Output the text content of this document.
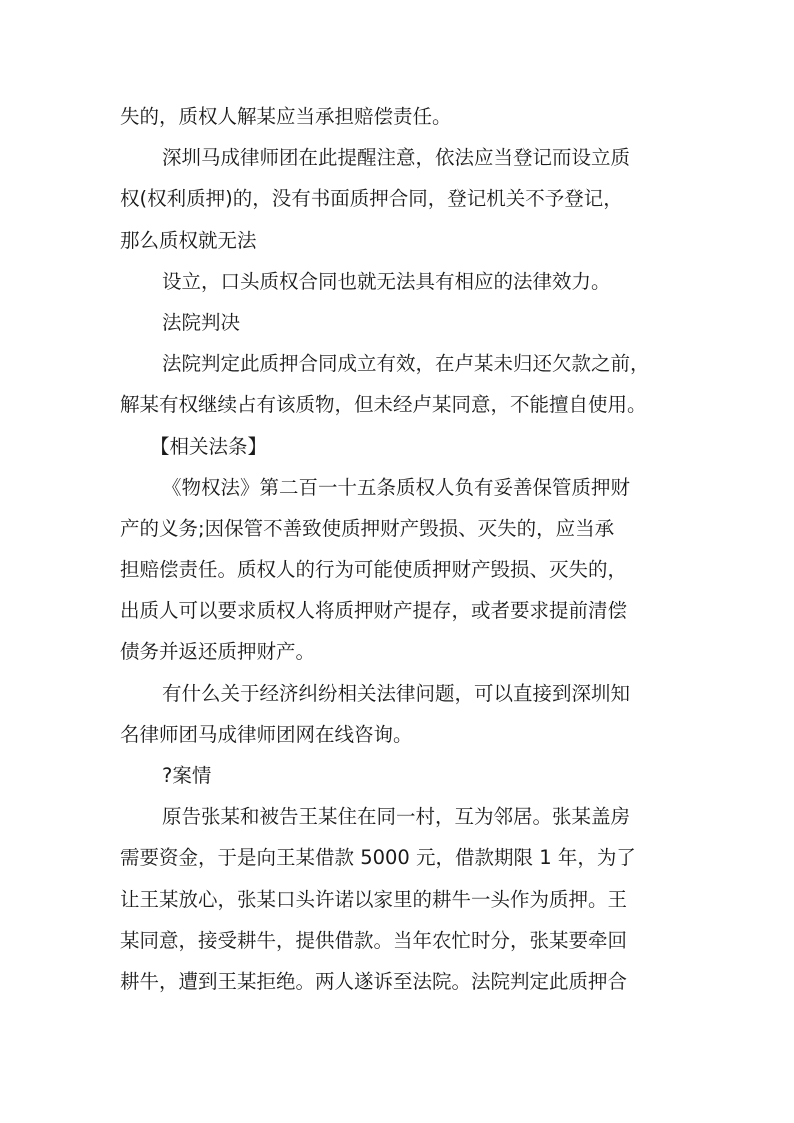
失的，质权人解某应当承担赔偿责任。
深圳马成律师团在此提醒注意，依法应当登记而设立质
权(权利质押)的，没有书面质押合同，登记机关不予登记，
那么质权就无法
设立，口头质权合同也就无法具有相应的法律效力。
法院判决
法院判定此质押合同成立有效，在卢某未归还欠款之前，
解某有权继续占有该质物，但未经卢某同意，不能擅自使用。
【相关法条】
《物权法》第二百一十五条质权人负有妥善保管质押财
产的义务;因保管不善致使质押财产毁损、灭失的，应当承
担赔偿责任。质权人的行为可能使质押财产毁损、灭失的，
出质人可以要求质权人将质押财产提存，或者要求提前清偿
债务并返还质押财产。
有什么关于经济纠纷相关法律问题，可以直接到深圳知
名律师团马成律师团网在线咨询。
?案情
原告张某和被告王某住在同一村，互为邻居。张某盖房
需要资金，于是向王某借款 5000 元，借款期限 1 年，为了
让王某放心，张某口头许诺以家里的耕牛一头作为质押。王
某同意，接受耕牛，提供借款。当年农忙时分，张某要牵回
耕牛，遭到王某拒绝。两人遂诉至法院。法院判定此质押合
